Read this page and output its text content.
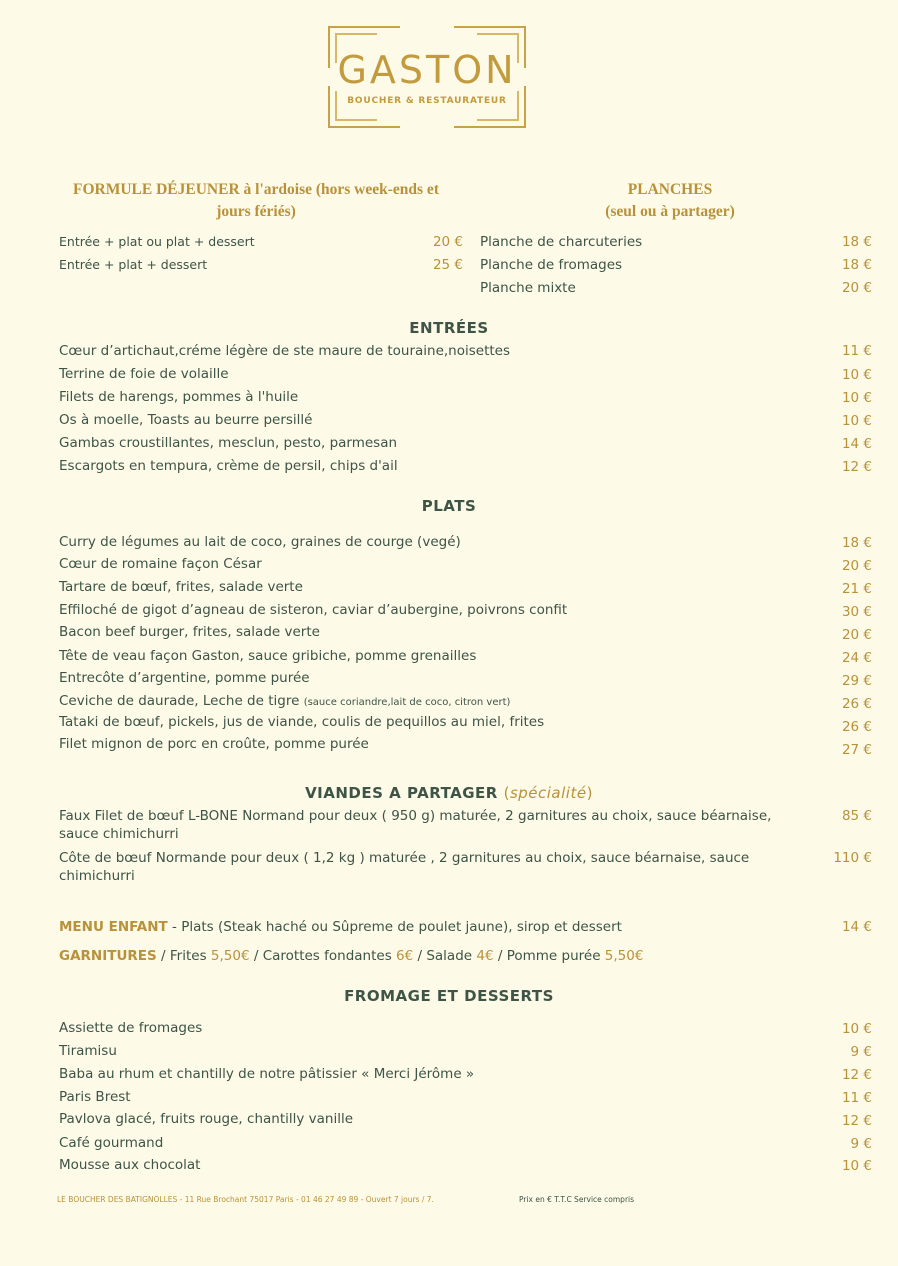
GASTON
BOUCHER & RESTAURATEUR
FORMULE DÉJEUNER à l'ardoise (hors week-ends et
jours fériés)
Entrée + plat ou plat + dessert	20 €
Entrée + plat + dessert	25 €
PLANCHES
(seul ou à partager)
Planche de charcuteries	18 €
Planche de fromages	18 €
Planche mixte	20 €
ENTRÉES
Cœur d’artichaut,créme légère de ste maure de touraine,noisettes	11 €
Terrine de foie de volaille	10 €
Filets de harengs, pommes à l'huile	10 €
Os à moelle, Toasts au beurre persillé	10 €
Gambas croustillantes, mesclun, pesto, parmesan	14 €
Escargots en tempura, crème de persil, chips d'ail	12 €
PLATS
Curry de légumes au lait de coco, graines de courge (vegé)	18 €
Cœur de romaine façon César	20 €
Tartare de bœuf, frites, salade verte	21 €
Effiloché de gigot d’agneau de sisteron, caviar d’aubergine, poivrons confit	30 €
Bacon beef burger, frites, salade verte	20 €
Tête de veau façon Gaston, sauce gribiche, pomme grenailles	24 €
Entrecôte d’argentine, pomme purée	29 €
Ceviche de daurade, Leche de tigre (sauce coriandre,lait de coco, citron vert)	26 €
Tataki de bœuf, pickels, jus de viande, coulis de pequillos au miel, frites	26 €
Filet mignon de porc en croûte, pomme purée	27 €
VIANDES A PARTAGER (spécialité)
Faux Filet de bœuf L-BONE Normand pour deux ( 950 g) maturée, 2 garnitures au choix, sauce béarnaise, sauce chimichurri
85 €
Côte de bœuf Normande pour deux ( 1,2 kg ) maturée , 2 garnitures au choix, sauce béarnaise, sauce chimichurri
110 €
MENU ENFANT - Plats (Steak haché ou Sûpreme de poulet jaune), sirop et dessert	14 €
GARNITURES / Frites 5,50€ / Carottes fondantes 6€ / Salade 4€ / Pomme purée 5,50€
FROMAGE ET DESSERTS
Assiette de fromages	10 €
Tiramisu	9 €
Baba au rhum et chantilly de notre pâtissier « Merci Jérôme »	12 €
Paris Brest	11 €
Pavlova glacé, fruits rouge, chantilly vanille	12 €
Café gourmand	9 €
Mousse aux chocolat	10 €
LE BOUCHER DES BATIGNOLLES - 11 Rue Brochant 75017 Paris - 01 46 27 49 89 - Ouvert 7 jours / 7.	Prix en € T.T.C Service compris
